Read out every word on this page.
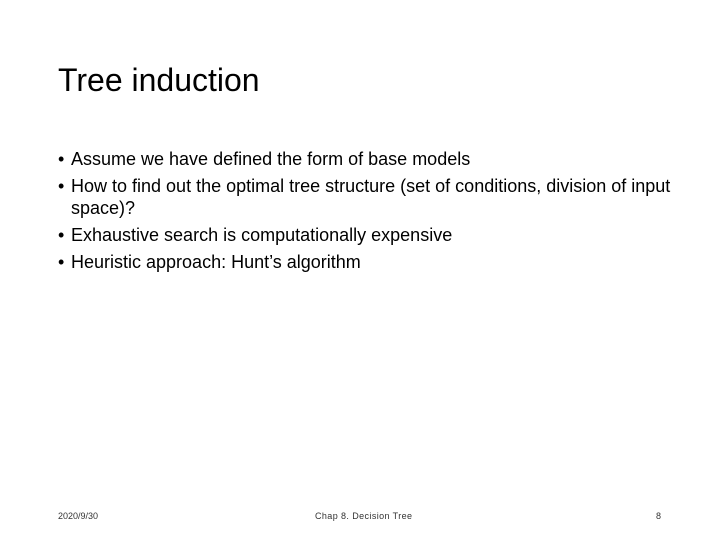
Tree induction
• Assume we have defined the form of base models
• How to find out the optimal tree structure (set of conditions, division of input space)?
• Exhaustive search is computationally expensive
• Heuristic approach: Hunt’s algorithm
2020/9/30	Chap 8. Decision Tree	8
